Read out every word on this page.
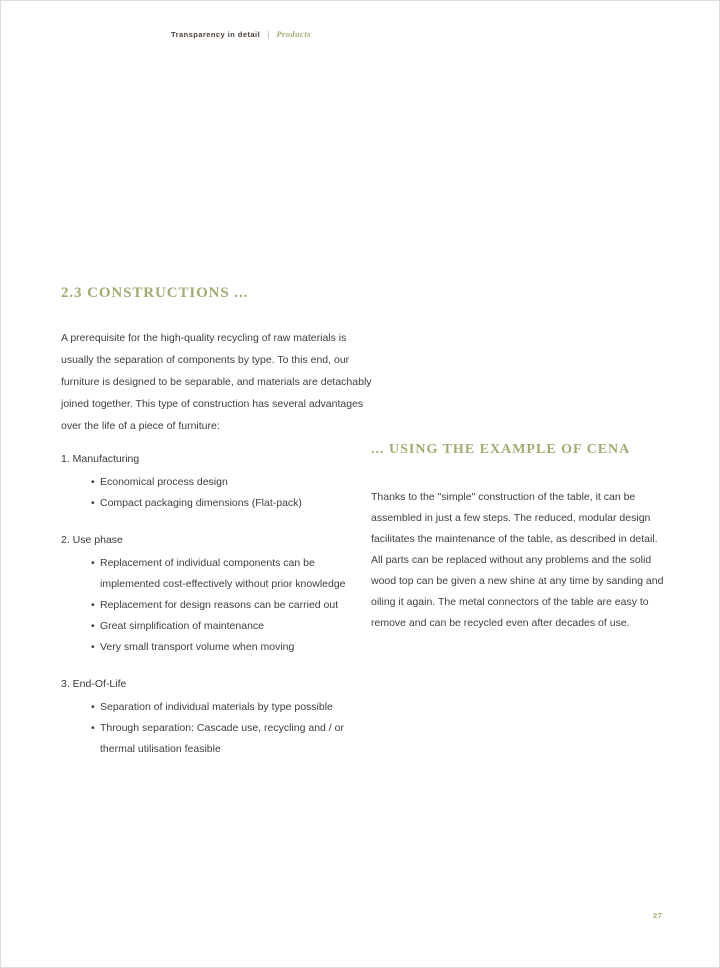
Transparency in detail | Products
2.3 CONSTRUCTIONS ...

A prerequisite for the high-quality recycling of raw materials is usually the separation of components by type. To this end, our furniture is designed to be separable, and materials are detachably joined together. This type of construction has several advantages over the life of a piece of furniture:

1. Manufacturing
• Economical process design
• Compact packaging dimensions (Flat-pack)
2. Use phase
• Replacement of individual components can be implemented cost-effectively without prior knowledge
• Replacement for design reasons can be carried out
• Great simplification of maintenance
• Very small transport volume when moving
3. End-Of-Life
• Separation of individual materials by type possible
• Through separation: Cascade use, recycling and / or thermal utilisation feasible
... USING THE EXAMPLE OF CENA

Thanks to the "simple" construction of the table, it can be assembled in just a few steps. The reduced, modular design facilitates the maintenance of the table, as described in detail. All parts can be replaced without any problems and the solid wood top can be given a new shine at any time by sanding and oiling it again. The metal connectors of the table are easy to remove and can be recycled even after decades of use.

27
